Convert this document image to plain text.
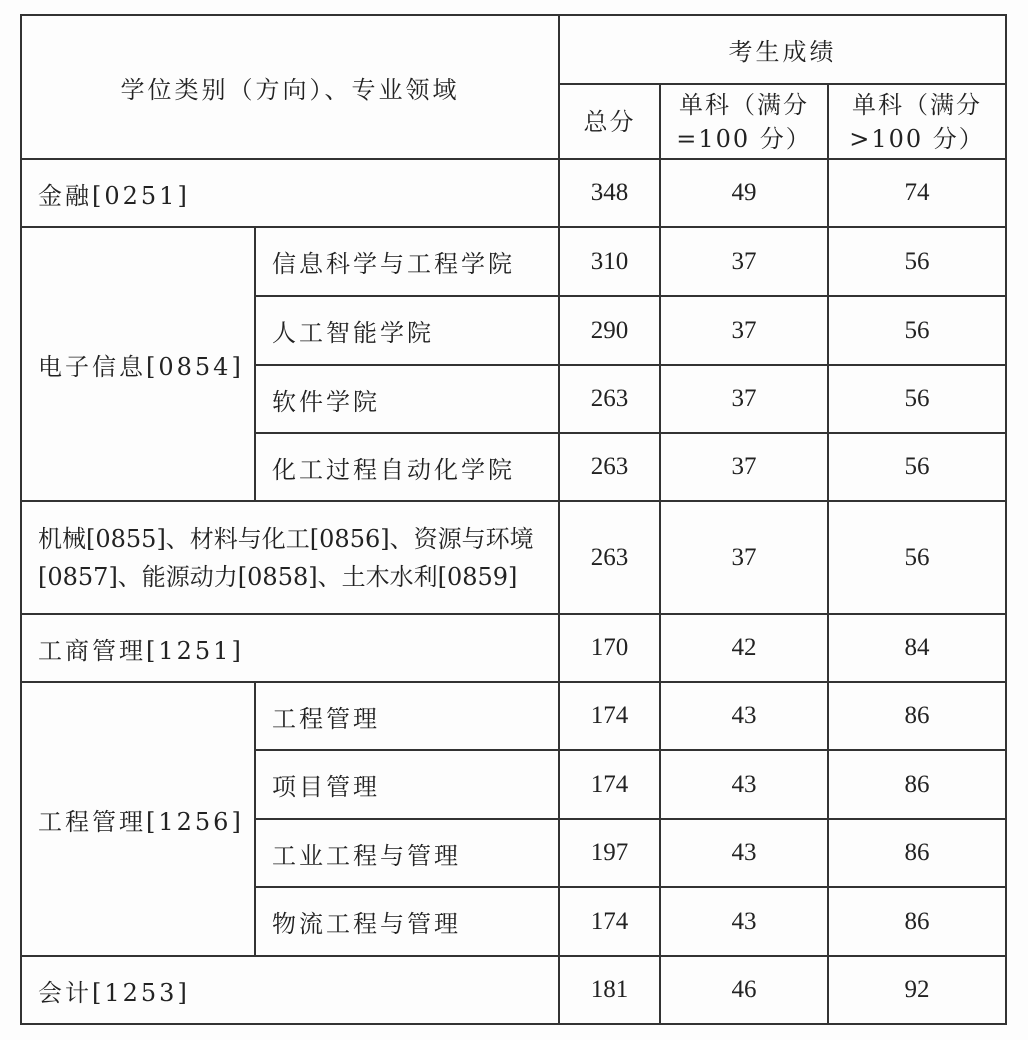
学位类别（方向）、专业领域		考生成绩		
		总分	单科（满分=100 分）	单科（满分>100 分）
金融[0251]		348	49	74
电子信息[0854]	信息科学与工程学院	310	37	56
	人工智能学院	290	37	56
	软件学院	263	37	56
	化工过程自动化学院	263	37	56
机械[0855]、材料与化工[0856]、资源与环境[0857]、能源动力[0858]、土木水利[0859]		263	37	56
工商管理[1251]		170	42	84
工程管理[1256]	工程管理	174	43	86
	项目管理	174	43	86
	工业工程与管理	197	43	86
	物流工程与管理	174	43	86
会计[1253]		181	46	92
